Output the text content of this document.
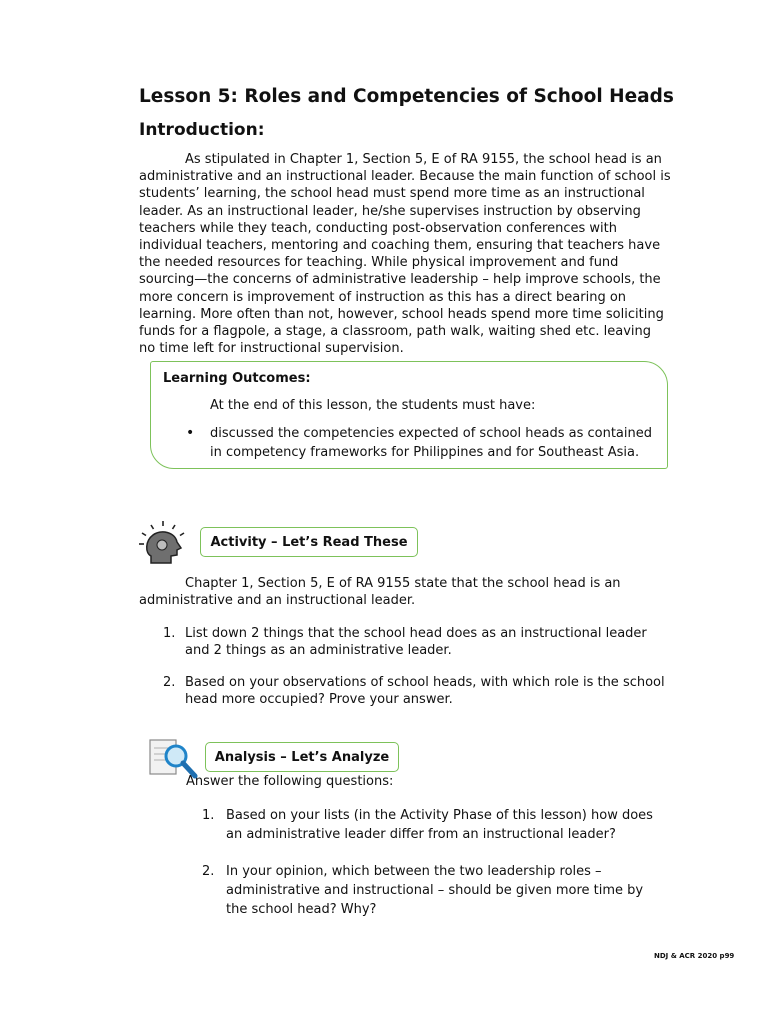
Lesson 5: Roles and Competencies of School Heads
Introduction:

As stipulated in Chapter 1, Section 5, E of RA 9155, the school head is an administrative and an instructional leader. Because the main function of school is students’ learning, the school head must spend more time as an instructional leader. As an instructional leader, he/she supervises instruction by observing teachers while they teach, conducting post-observation conferences with individual teachers, mentoring and coaching them, ensuring that teachers have the needed resources for teaching. While physical improvement and fund sourcing—the concerns of administrative leadership – help improve schools, the more concern is improvement of instruction as this has a direct bearing on learning. More often than not, however, school heads spend more time soliciting funds for a flagpole, a stage, a classroom, path walk, waiting shed etc. leaving no time left for instructional supervision.

Learning Outcomes:
At the end of this lesson, the students must have:
• discussed the competencies expected of school heads as contained in competency frameworks for Philippines and for Southeast Asia.
Activity – Let’s Read These

Chapter 1, Section 5, E of RA 9155 state that the school head is an administrative and an instructional leader.

1. List down 2 things that the school head does as an instructional leader and 2 things as an administrative leader.
2. Based on your observations of school heads, with which role is the school head more occupied? Prove your answer.
Answer the following questions:
Analysis – Let’s Analyze
1. Based on your lists (in the Activity Phase of this lesson) how does an administrative leader differ from an instructional leader?
2. In your opinion, which between the two leadership roles – administrative and instructional – should be given more time by the school head? Why?
NDJ & ACR 2020 p99
